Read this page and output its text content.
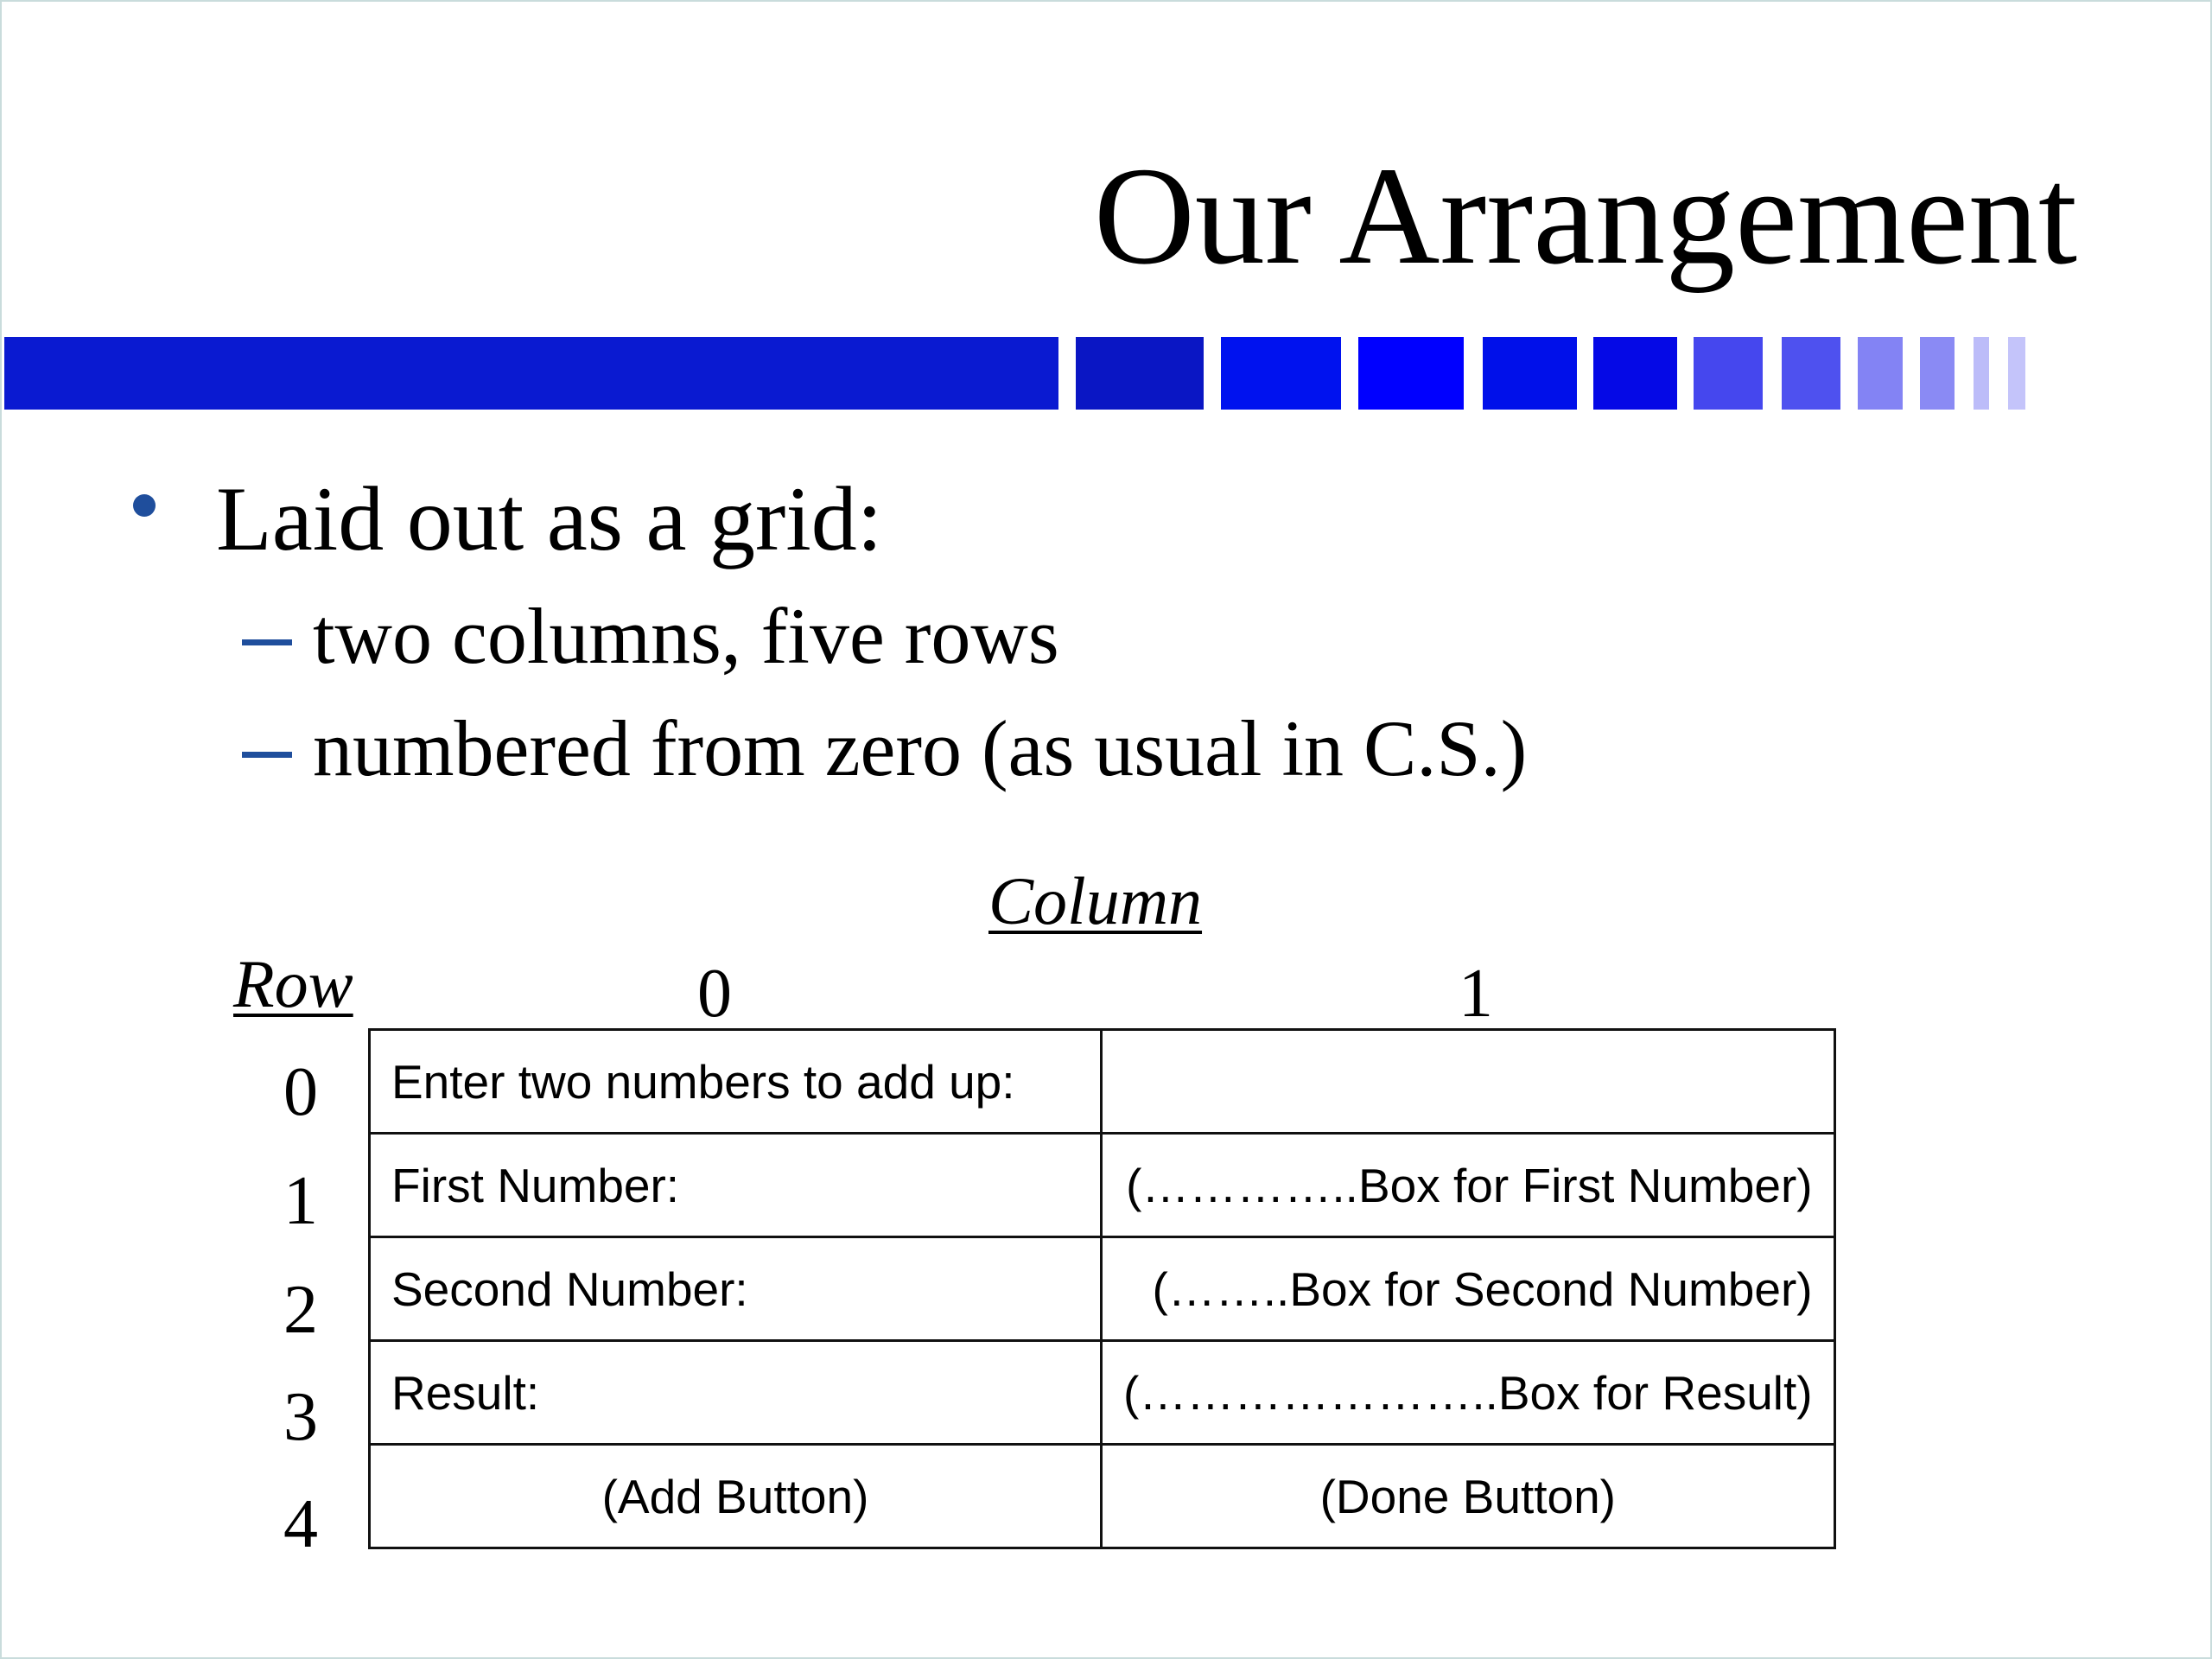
Our Arrangement
Laid out as a grid:
two columns, five rows
numbered from zero (as usual in C.S.)
Column
Row	0	1
0
1
2
3
4
Enter two numbers to add up:	
First Number:	(…………..Box for First Number)
Second Number:	(……..Box for Second Number)
Result:	(…………………..Box for Result)
(Add Button)	(Done Button)
